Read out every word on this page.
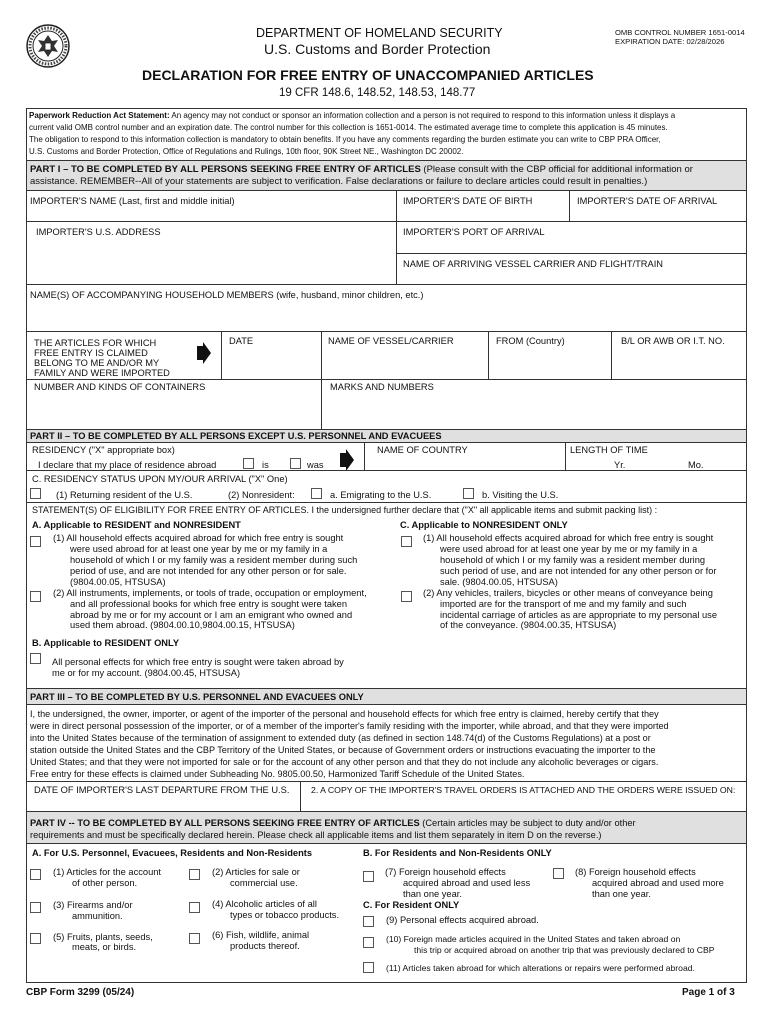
DEPARTMENT OF HOMELAND SECURITY
U.S. Customs and Border Protection
OMB CONTROL NUMBER 1651-0014
EXPIRATION DATE: 02/28/2026
DECLARATION FOR FREE ENTRY OF UNACCOMPANIED ARTICLES
19 CFR 148.6, 148.52, 148.53, 148.77
Paperwork Reduction Act Statement: An agency may not conduct or sponsor an information collection and a person is not required to respond to this information unless it displays a
current valid OMB control number and an expiration date. The control number for this collection is 1651-0014. The estimated average time to complete this application is 45 minutes.
The obligation to respond to this information collection is mandatory to obtain benefits. If you have any comments regarding the burden estimate you can write to CBP PRA Officer,
U.S. Customs and Border Protection, Office of Regulations and Rulings, 10th floor, 90K Street NE., Washington DC 20002.
PART I – TO BE COMPLETED BY ALL PERSONS SEEKING FREE ENTRY OF ARTICLES (Please consult with the CBP official for additional information or
assistance. REMEMBER--All of your statements are subject to verification. False declarations or failure to declare articles could result in penalties.)
IMPORTER'S NAME (Last, first and middle initial)	IMPORTER'S DATE OF BIRTH	IMPORTER'S DATE OF ARRIVAL
IMPORTER'S U.S. ADDRESS	IMPORTER'S PORT OF ARRIVAL
NAME OF ARRIVING VESSEL CARRIER AND FLIGHT/TRAIN
NAME(S) OF ACCOMPANYING HOUSEHOLD MEMBERS (wife, husband, minor children, etc.)
THE ARTICLES FOR WHICH
FREE ENTRY IS CLAIMED
BELONG TO ME AND/OR MY
FAMILY AND WERE IMPORTED
DATE	NAME OF VESSEL/CARRIER	FROM (Country)	B/L OR AWB OR I.T. NO.
NUMBER AND KINDS OF CONTAINERS	MARKS AND NUMBERS
PART II – TO BE COMPLETED BY ALL PERSONS EXCEPT U.S. PERSONNEL AND EVACUEES
RESIDENCY ("X" appropriate box)
I declare that my place of residence abroad	is	was
NAME OF COUNTRY	LENGTH OF TIME
Yr.	Mo.
C. RESIDENCY STATUS UPON MY/OUR ARRIVAL ("X" One)
(1) Returning resident of the U.S.	(2) Nonresident:	a. Emigrating to the U.S.	b. Visiting the U.S.
STATEMENT(S) OF ELIGIBILITY FOR FREE ENTRY OF ARTICLES. I the undersigned further declare that ("X" all applicable items and submit packing list) :
A. Applicable to RESIDENT and NONRESIDENT
(1) All household effects acquired abroad for which free entry is sought
were used abroad for at least one year by me or my family in a
household of which I or my family was a resident member during such
period of use, and are not intended for any other person or for sale.
(9804.00.05, HTSUSA)
(2) All instruments, implements, or tools of trade, occupation or employment,
and all professional books for which free entry is sought were taken
abroad by me or for my account or I am an emigrant who owned and
used them abroad. (9804.00.10,9804.00.15, HTSUSA)
C. Applicable to NONRESIDENT ONLY
(1) All household effects acquired abroad for which free entry is sought
were used abroad for at least one year by me or my family in a
household of which I or my family was a resident member during
such period of use, and are not intended for any other person or for
sale. (9804.00.05, HTSUSA)
(2) Any vehicles, trailers, bicycles or other means of conveyance being
imported are for the transport of me and my family and such
incidental carriage of articles as are appropriate to my personal use
of the conveyance. (9804.00.35, HTSUSA)
B. Applicable to RESIDENT ONLY
All personal effects for which free entry is sought were taken abroad by
me or for my account. (9804.00.45, HTSUSA)
PART III – TO BE COMPLETED BY U.S. PERSONNEL AND EVACUEES ONLY
I, the undersigned, the owner, importer, or agent of the importer of the personal and household effects for which free entry is claimed, hereby certify that they
were in direct personal possession of the importer, or of a member of the importer's family residing with the importer, while abroad, and that they were imported
into the United States because of the termination of assignment to extended duty (as defined in section 148.74(d) of the Customs Regulations) at a post or
station outside the United States and the CBP Territory of the United States, or because of Government orders or instructions evacuating the importer to the
United States; and that they were not imported for sale or for the account of any other person and that they do not include any alcoholic beverages or cigars.
Free entry for these effects is claimed under Subheading No. 9805.00.50, Harmonized Tariff Schedule of the United States.
DATE OF IMPORTER'S LAST DEPARTURE FROM THE U.S. 2. A COPY OF THE IMPORTER'S TRAVEL ORDERS IS ATTACHED AND THE ORDERS WERE ISSUED ON:
PART IV -- TO BE COMPLETED BY ALL PERSONS SEEKING FREE ENTRY OF ARTICLES (Certain articles may be subject to duty and/or other
requirements and must be specifically declared herein. Please check all applicable items and list them separately in item D on the reverse.)
A. For U.S. Personnel, Evacuees, Residents and Non-Residents	B. For Residents and Non-Residents ONLY
(1) Articles for the account
of other person.
(2) Articles for sale or
commercial use.
(3) Firearms and/or
ammunition.
(4) Alcoholic articles of all
types or tobacco products.
(5) Fruits, plants, seeds,
meats, or birds.
(6) Fish, wildlife, animal
products thereof.
(7) Foreign household effects
acquired abroad and used less
than one year.
(8) Foreign household effects
acquired abroad and used more
than one year.
C. For Resident ONLY
(9) Personal effects acquired abroad.
(10) Foreign made articles acquired in the United States and taken abroad on
this trip or acquired abroad on another trip that was previously declared to CBP
(11) Articles taken abroad for which alterations or repairs were performed abroad.
CBP Form 3299 (05/24)	Page 1 of 3
